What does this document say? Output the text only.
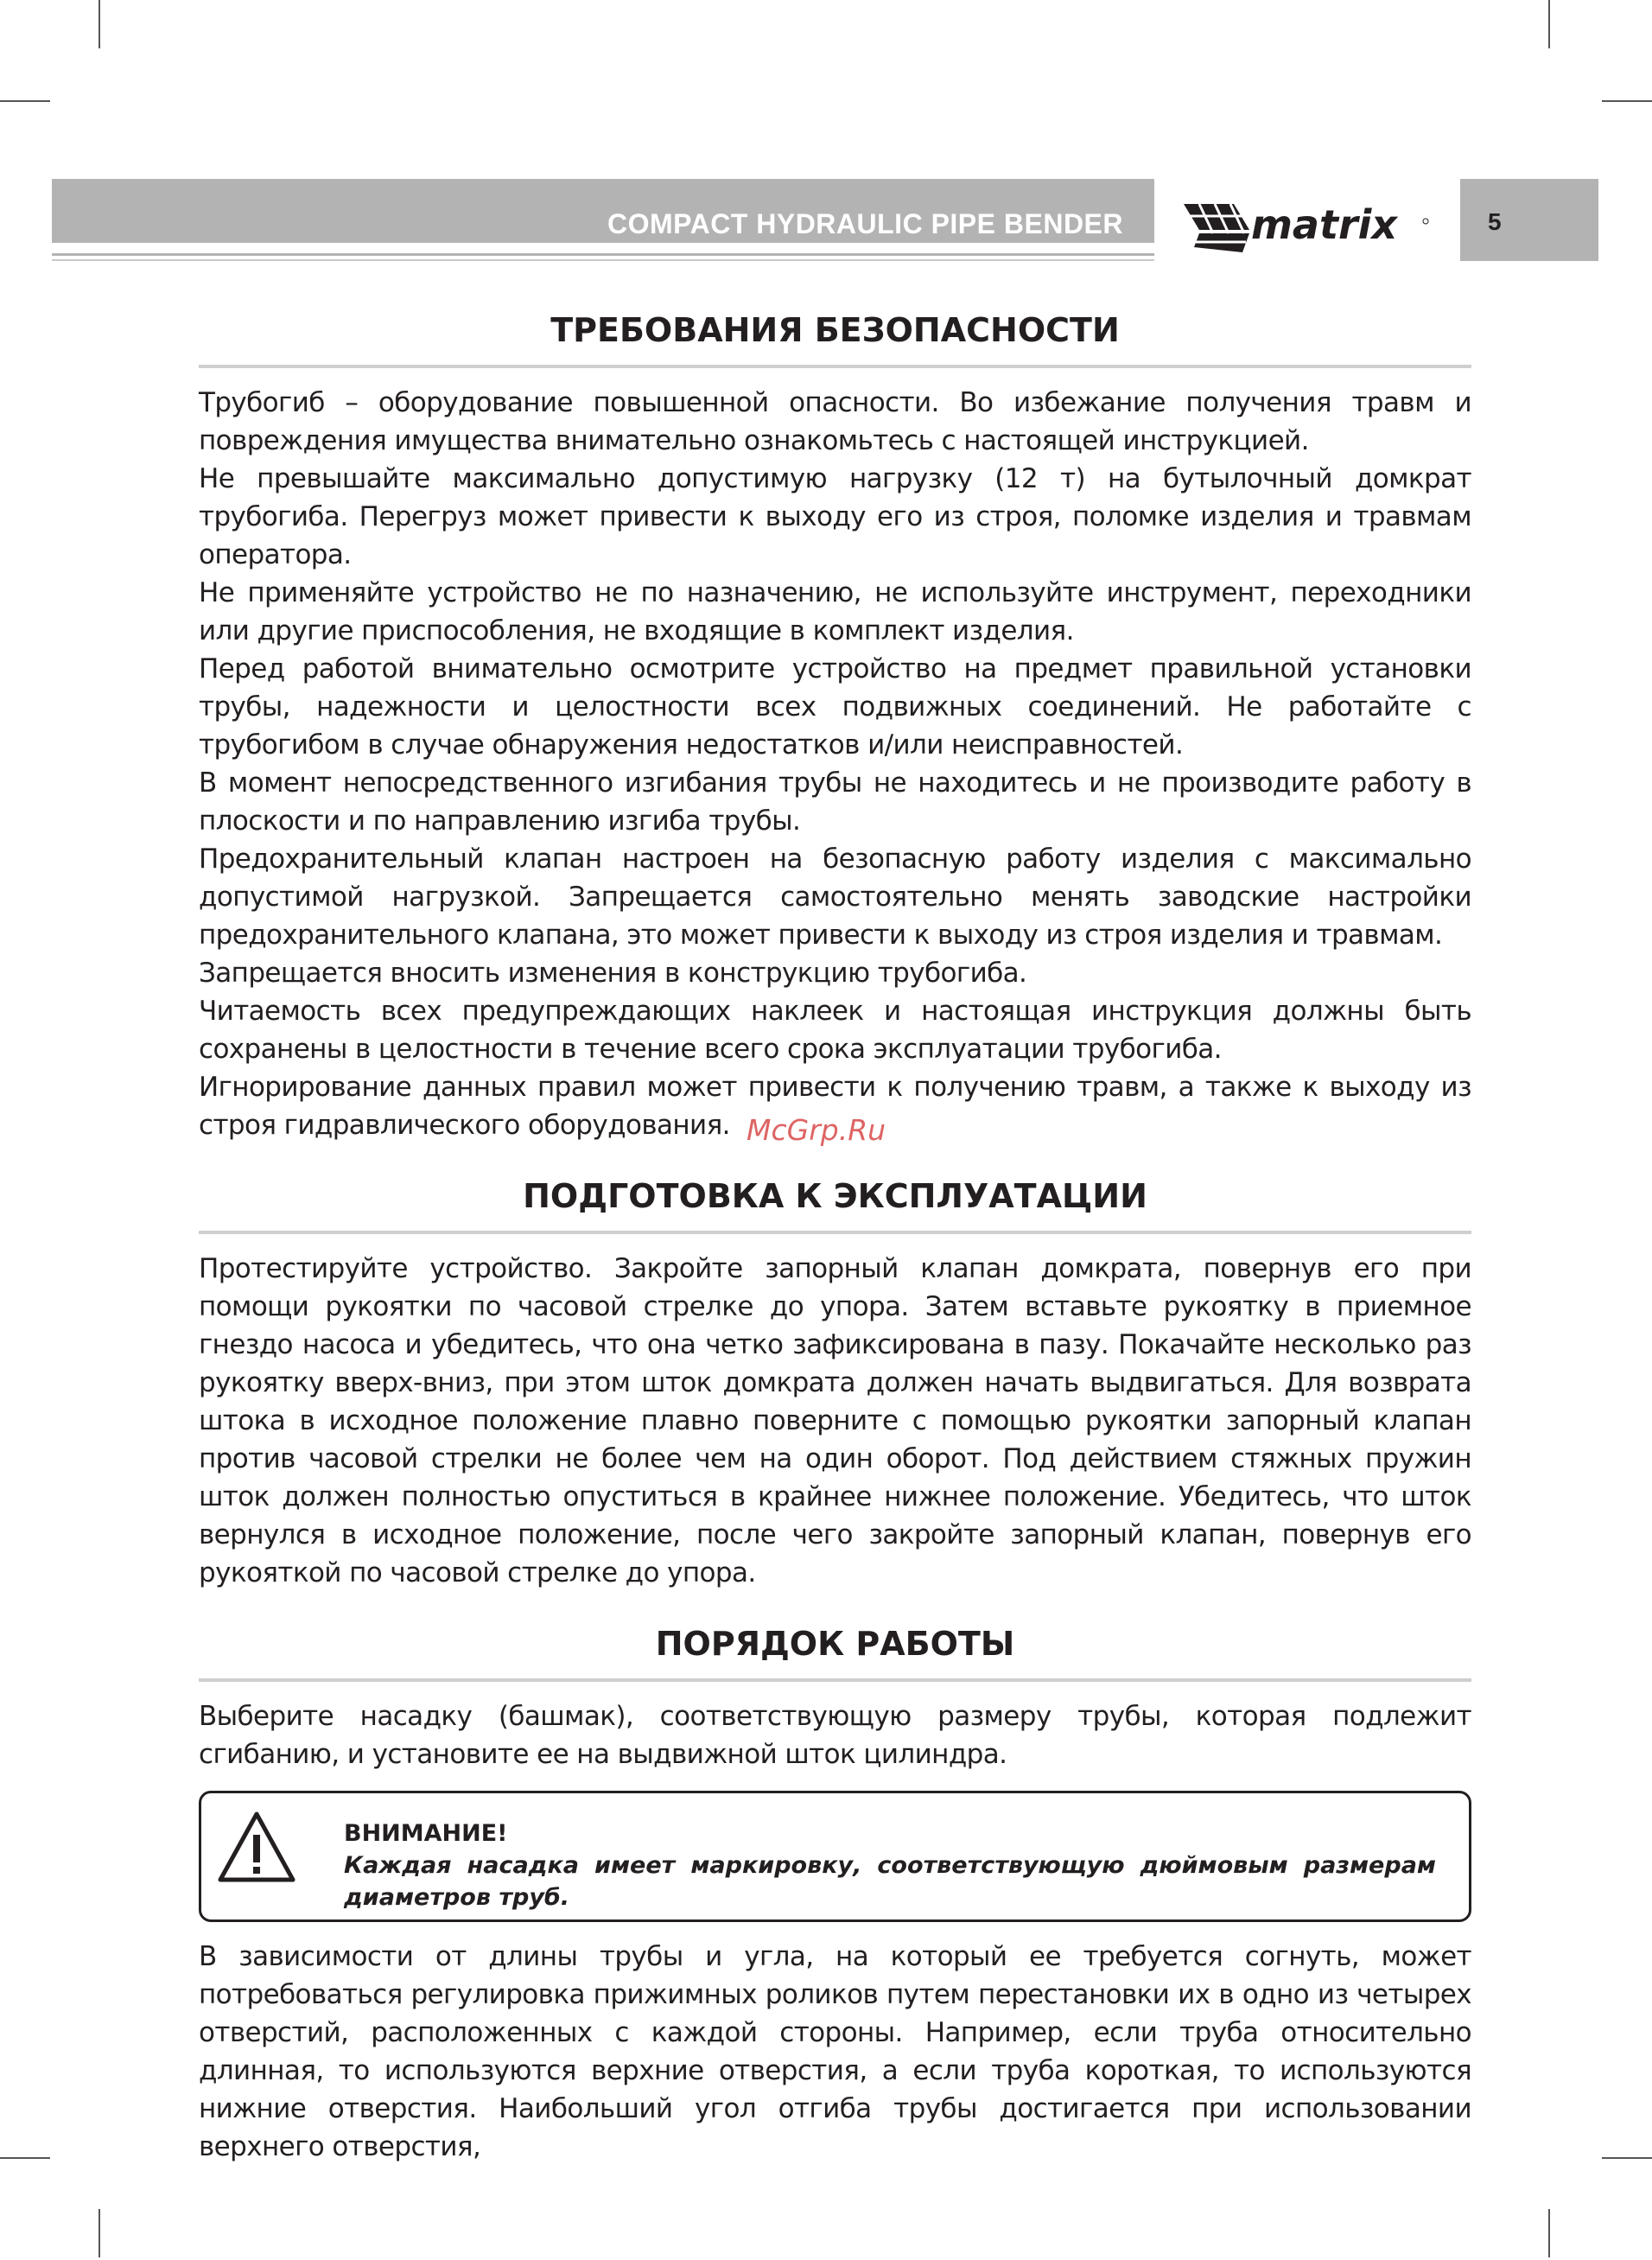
COMPACT HYDRAULIC PIPE BENDER	matrix	5
ТРЕБОВАНИЯ БЕЗОПАСНОСТИ

Трубогиб – оборудование повышенной опасности. Во избежание получения травм и повреждения имущества внимательно ознакомьтесь с настоящей инструкцией.

Не превышайте максимально допустимую нагрузку (12 т) на бутылочный домкрат трубогиба. Перегруз может привести к выходу его из строя, поломке изделия и травмам оператора.

Не применяйте устройство не по назначению, не используйте инструмент, переходники или другие приспособления, не входящие в комплект изделия.

Перед работой внимательно осмотрите устройство на предмет правильной установки трубы, надежности и целостности всех подвижных соединений. Не работайте с трубогибом в случае обнаружения недостатков и/или неисправностей.

В момент непосредственного изгибания трубы не находитесь и не производите работу в плоскости и по направлению изгиба трубы.

Предохранительный клапан настроен на безопасную работу изделия с максимально допустимой нагрузкой. Запрещается самостоятельно менять заводские настройки предохранительного клапана, это может привести к выходу из строя изделия и травмам.

Запрещается вносить изменения в конструкцию трубогиба.

Читаемость всех предупреждающих наклеек и настоящая инструкция должны быть сохранены в целостности в течение всего срока эксплуатации трубогиба.

Игнорирование данных правил может привести к получению травм, а также к выходу из строя гидравлического оборудования.

ПОДГОТОВКА К ЭКСПЛУАТАЦИИ

Протестируйте устройство. Закройте запорный клапан домкрата, повернув его при помощи рукоятки по часовой стрелке до упора. Затем вставьте рукоятку в приемное гнездо насоса и убедитесь, что она четко зафиксирована в пазу. Покачайте несколько раз рукоятку вверх-вниз, при этом шток домкрата должен начать выдвигаться. Для возврата штока в исходное положение плавно поверните с помощью рукоятки запорный клапан против часовой стрелки не более чем на один оборот. Под действием стяжных пружин шток должен полностью опуститься в крайнее нижнее положение. Убедитесь, что шток вернулся в исходное положение, после чего закройте запорный клапан, повернув его рукояткой по часовой стрелке до упора.

ПОРЯДОК РАБОТЫ

Выберите насадку (башмак), соответствующую размеру трубы, которая подлежит сгибанию, и установите ее на выдвижной шток цилиндра.

ВНИМАНИЕ!
Каждая насадка имеет маркировку, соответствующую дюймовым размерам диаметров труб.

В зависимости от длины трубы и угла, на который ее требуется согнуть, может потребоваться регулировка прижимных роликов путем перестановки их в одно из четырех отверстий, расположенных с каждой стороны. Например, если труба относительно длинная, то используются верхние отверстия, а если труба короткая, то используются нижние отверстия. Наибольший угол отгиба трубы достигается при использовании верхнего отверстия,

McGrp.Ru
